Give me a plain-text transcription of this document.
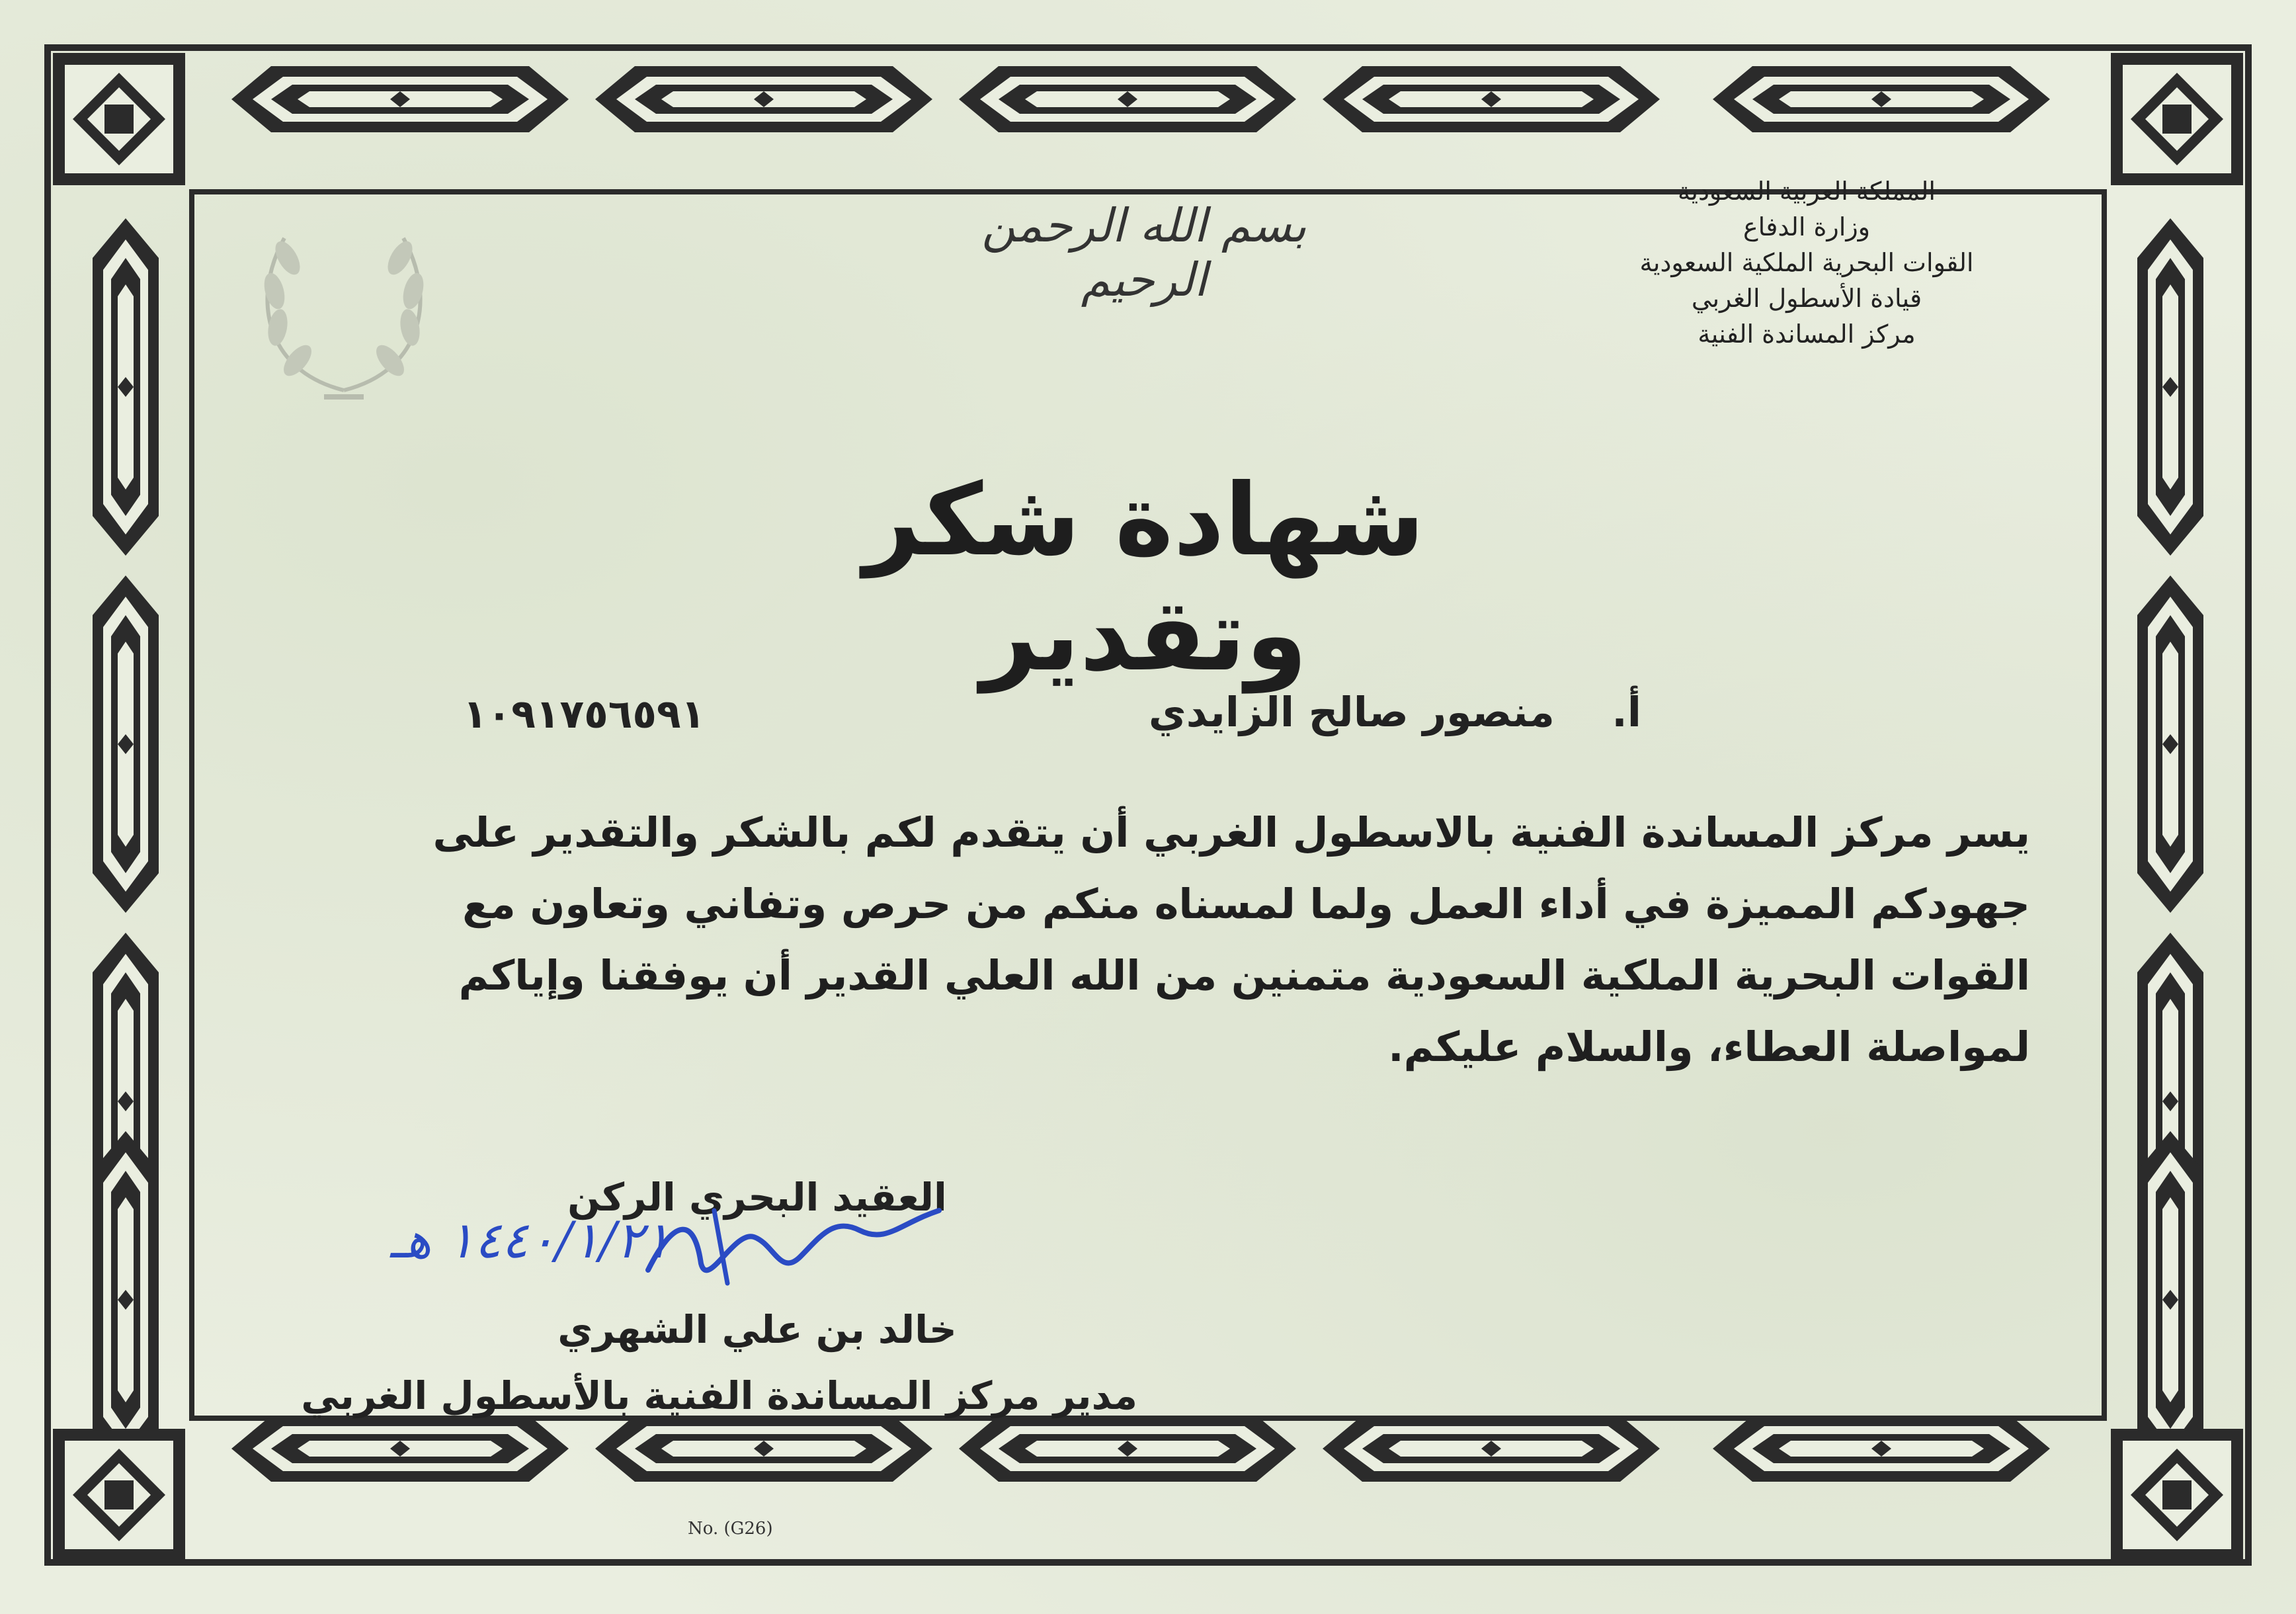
المملكة العربية السعودية
وزارة الدفاع
القوات البحرية الملكية السعودية
قيادة الأسطول الغربي
مركز المساندة الفنية
بسم الله الرحمن الرحيم
شهادة شكر وتقدير
أ.    منصور صالح الزايدي
١٠٩١٧٥٦٥٩١
يسر مركز المساندة الفنية بالاسطول الغربي أن يتقدم لكم بالشكر والتقدير على
جهودكم المميزة في أداء العمل ولما لمسناه منكم من حرص وتفاني وتعاون مع
القوات البحرية الملكية السعودية متمنين من الله العلي القدير أن يوفقنا وإياكم
لمواصلة العطاء، والسلام عليكم.
العقيد البحري الركن
خالد بن علي الشهري
مدير مركز المساندة الفنية بالأسطول الغربي
١٤٤٠/١/٢١ هـ
No. (G26)
